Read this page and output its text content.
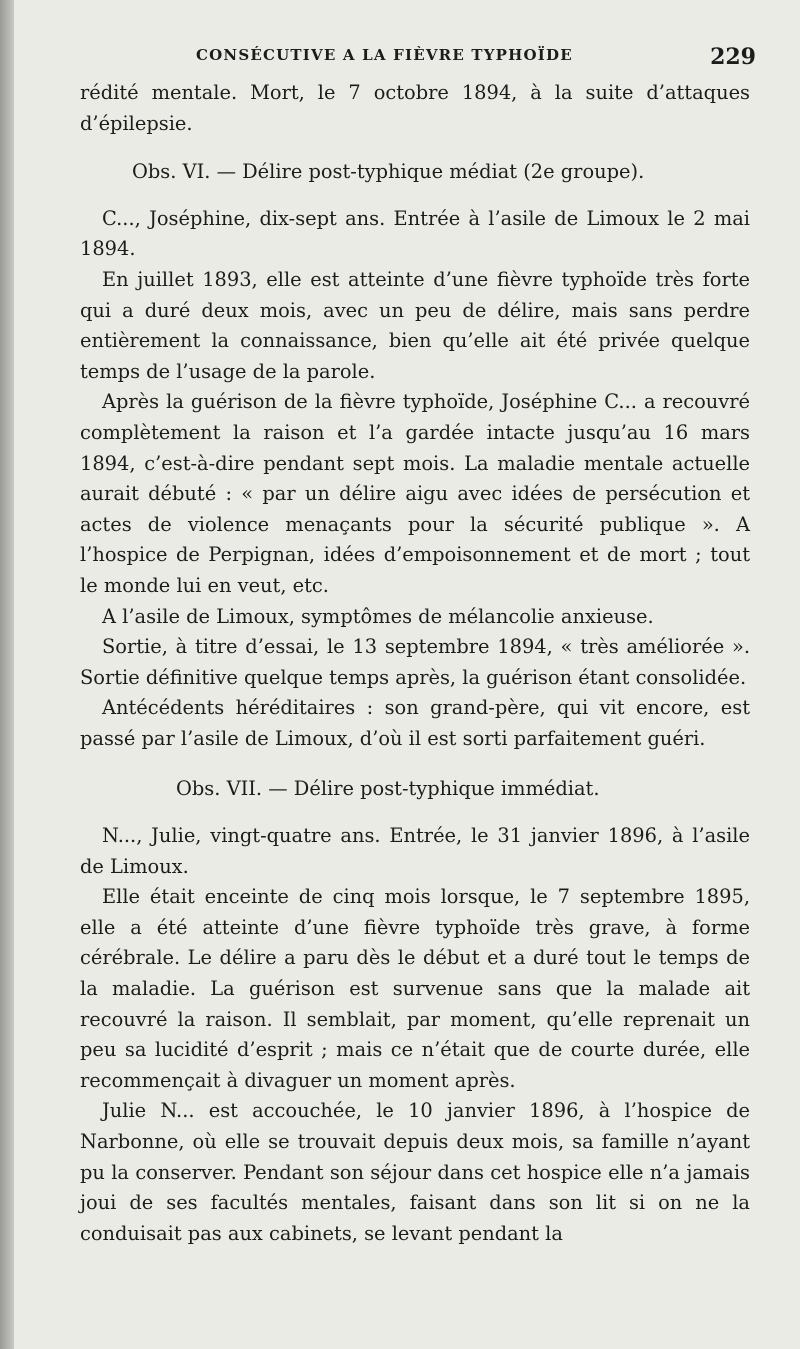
CONSÉCUTIVE A LA FIÈVRE TYPHOÏDE	229

rédité mentale. Mort, le 7 octobre 1894, à la suite d’attaques d’épilepsie.

Obs. VI. — Délire post-typhique médiat (2e groupe).

C..., Joséphine, dix-sept ans. Entrée à l’asile de Limoux le 2 mai 1894.

En juillet 1893, elle est atteinte d’une fièvre typhoïde très forte qui a duré deux mois, avec un peu de délire, mais sans perdre entièrement la connaissance, bien qu’elle ait été privée quelque temps de l’usage de la parole.

Après la guérison de la fièvre typhoïde, Joséphine C... a recouvré complètement la raison et l’a gardée intacte jusqu’au 16 mars 1894, c’est-à-dire pendant sept mois. La maladie mentale actuelle aurait débuté : « par un délire aigu avec idées de persécution et actes de violence menaçants pour la sécurité publique ». A l’hospice de Perpignan, idées d’empoisonnement et de mort ; tout le monde lui en veut, etc.

A l’asile de Limoux, symptômes de mélancolie anxieuse.

Sortie, à titre d’essai, le 13 septembre 1894, « très améliorée ». Sortie définitive quelque temps après, la guérison étant consolidée.

Antécédents héréditaires : son grand-père, qui vit encore, est passé par l’asile de Limoux, d’où il est sorti parfaitement guéri.

Obs. VII. — Délire post-typhique immédiat.

N..., Julie, vingt-quatre ans. Entrée, le 31 janvier 1896, à l’asile de Limoux.

Elle était enceinte de cinq mois lorsque, le 7 septembre 1895, elle a été atteinte d’une fièvre typhoïde très grave, à forme cérébrale. Le délire a paru dès le début et a duré tout le temps de la maladie. La guérison est survenue sans que la malade ait recouvré la raison. Il semblait, par moment, qu’elle reprenait un peu sa lucidité d’esprit ; mais ce n’était que de courte durée, elle recommençait à divaguer un moment après.

Julie N... est accouchée, le 10 janvier 1896, à l’hospice de Narbonne, où elle se trouvait depuis deux mois, sa famille n’ayant pu la conserver. Pendant son séjour dans cet hospice elle n’a jamais joui de ses facultés mentales, faisant dans son lit si on ne la conduisait pas aux cabinets, se levant pendant la
